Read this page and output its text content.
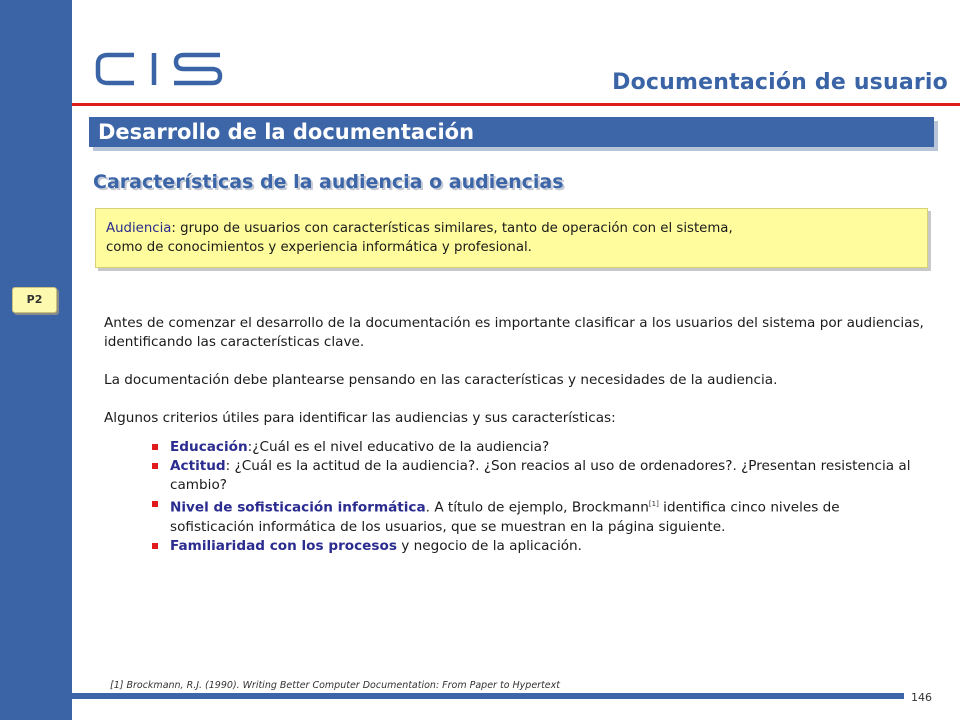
Documentación de usuario
Desarrollo de la documentación
Características de la audiencia o audiencias
Audiencia: grupo de usuarios con características similares, tanto de operación con el sistema,
como de conocimientos y experiencia informática y profesional.
P2

Antes de comenzar el desarrollo de la documentación es importante clasificar a los usuarios del sistema por audiencias, identificando las características clave.

La documentación debe plantearse pensando en las características y necesidades de la audiencia.

Algunos criterios útiles para identificar las audiencias y sus características:

Educación:¿Cuál es el nivel educativo de la audiencia?
Actitud: ¿Cuál es la actitud de la audiencia?. ¿Son reacios al uso de ordenadores?. ¿Presentan resistencia al cambio?
Nivel de sofisticación informática. A título de ejemplo, Brockmann[1] identifica cinco niveles de sofisticación informática de los usuarios, que se muestran en la página siguiente.
Familiaridad con los procesos y negocio de la aplicación.
[1] Brockmann, R.J. (1990). Writing Better Computer Documentation: From Paper to Hypertext
146
